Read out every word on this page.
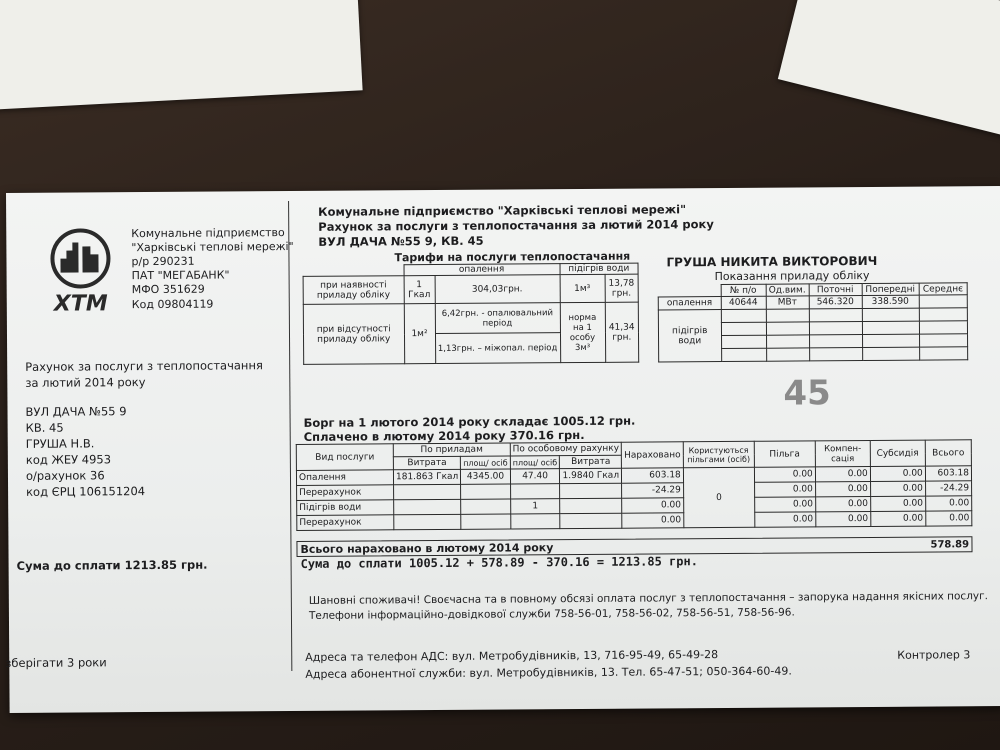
ХТМ
Комунальне підприємство
"Харківські теплові мережі"
р/р 290231
ПАТ "МЕГАБАНК"
МФО 351629
Код 09804119
Рахунок за послуги з теплопостачання
за лютий 2014 року
ВУЛ ДАЧА №55 9
КВ. 45
ГРУША Н.В.
код ЖЕУ 4953
о/рахунок 36
код ЄРЦ 106151204
Сума до сплати 1213.85 грн.
зберігати 3 роки
Комунальне підприємство "Харківські теплові мережі"
Рахунок за послуги з теплопостачання за лютий 2014 року
ВУЛ ДАЧА №55 9, КВ. 45
Тарифи на послуги теплопостачання
	опалення		підігрів води	
при наявності приладу обліку	1 Гкал	304,03грн.	1м³	13,78 грн.
при відсутності приладу обліку	1м²	6,42грн. - опалювальний період	норма на 1 особу 3м³	41,34 грн.
		1,13грн. – міжопал. період		
ГРУША НИКИТА ВИКТОРОВИЧ
Показання приладу обліку
	№ п/о	Од.вим.	Поточні	Попередні	Середнє
опалення	40644	МВт	546.320	338.590	
підігрів води					

45
Борг на 1 лютого 2014 року складає 1005.12 грн.
Сплачено в лютому 2014 року 370.16 грн.
Вид послуги	По приладам		По особовому рахунку		Нараховано	Користуються пільгами (осіб)	Пільга	Компен-сація	Субсидія	Всього
	Витрата	площ/ осіб	площ/ осіб	Витрата						
Опалення	181.863 Гкал	4345.00	47.40	1.9840 Гкал	603.18	0	0.00	0.00	0.00	603.18
Перерахунок					-24.29		0.00	0.00	0.00	-24.29
Підігрів води			1		0.00		0.00	0.00	0.00	0.00
Перерахунок					0.00		0.00	0.00	0.00	0.00
Всього нараховано в лютому 2014 року	578.89
Сума до сплати 1005.12 + 578.89 - 370.16 = 1213.85 грн.
Шановні споживачі! Своєчасна та в повному обсязі оплата послуг з теплопостачання – запорука надання якісних послуг.
Телефони інформаційно-довідкової служби 758-56-01, 758-56-02, 758-56-51, 758-56-96.
Адреса та телефон АДС: вул. Метробудівників, 13, 716-95-49, 65-49-28
Адреса абонентної служби: вул. Метробудівників, 13. Тел. 65-47-51; 050-364-60-49.
Контролер 3
